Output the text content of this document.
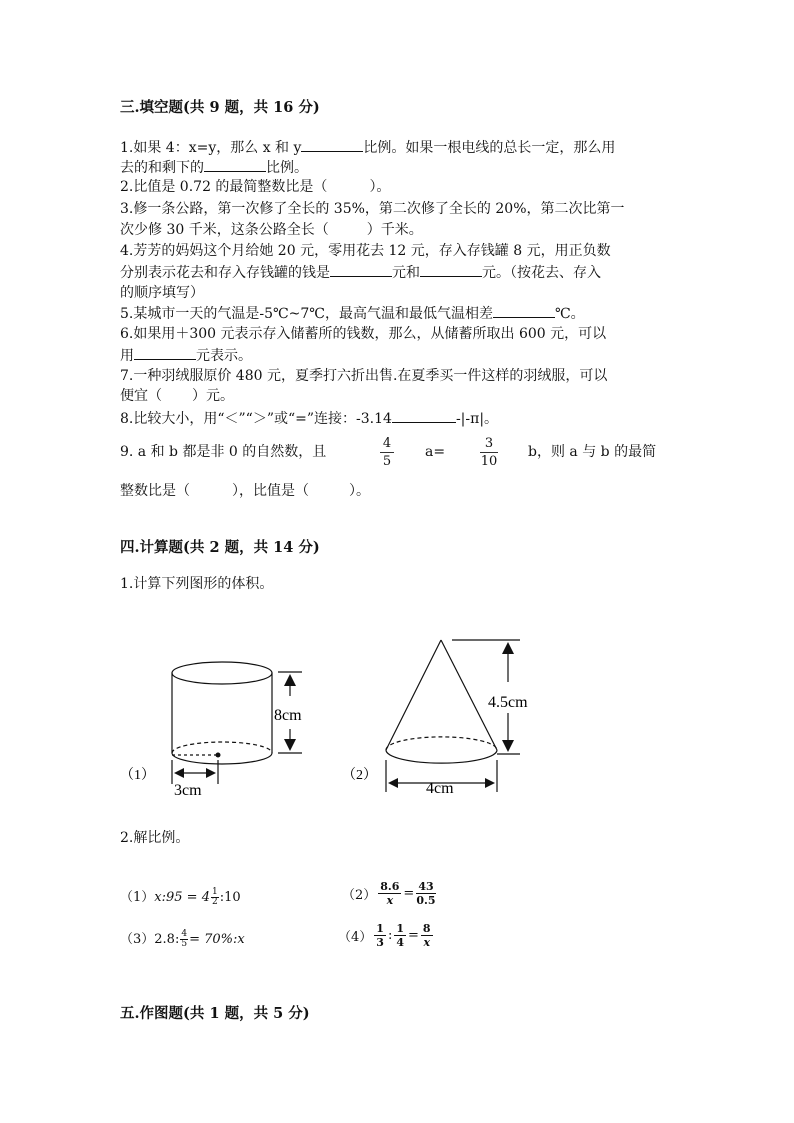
三.填空题(共 9 题，共 16 分)
1.如果 4：x=y，那么 x 和 y	比例。如果一根电线的总长一定，那么用
去的和剩下的	比例。
2.比值是 0.72 的最简整数比是（	）。
3.修一条公路，第一次修了全长的 35%，第二次修了全长的 20%，第二次比第一
次少修 30 千米，这条公路全长（	）千米。
4.芳芳的妈妈这个月给她 20 元，零用花去 12 元，存入存钱罐 8 元，用正负数
分别表示花去和存入存钱罐的钱是	元和	元。（按花去、存入
的顺序填写）
5.某城市一天的气温是-5℃~7℃，最高气温和最低气温相差	℃。
6.如果用＋300 元表示存入储蓄所的钱数，那么，从储蓄所取出 600 元，可以
用	元表示。
7.一种羽绒服原价 480 元，夏季打六折出售.在夏季买一件这样的羽绒服，可以
便宜（ ）元。
8.比较大小，用“＜”“＞”或“=”连接：-3.14	-|-π|。
9. a 和 b 都是非 0 的自然数，且
4
5
a=
3
10
b，则 a 与 b 的最简
整数比是（	），比值是（	）。
四.计算题(共 2 题，共 14 分)
1.计算下列图形的体积。
8cm
3cm
（1）
4.5cm
4cm
（2）
2.解比例。
（1）x:95 = $4 \frac{1}{2}$ :10	$(2) \frac{8.6}{x} = \frac{43}{0.5}$
（3）2.8: $\frac{4}{5}$ = 70%:x	$(4) \frac{1}{3}$ : $\frac{1}{4} = \frac{8}{x}$
五.作图题(共 1 题，共 5 分)
